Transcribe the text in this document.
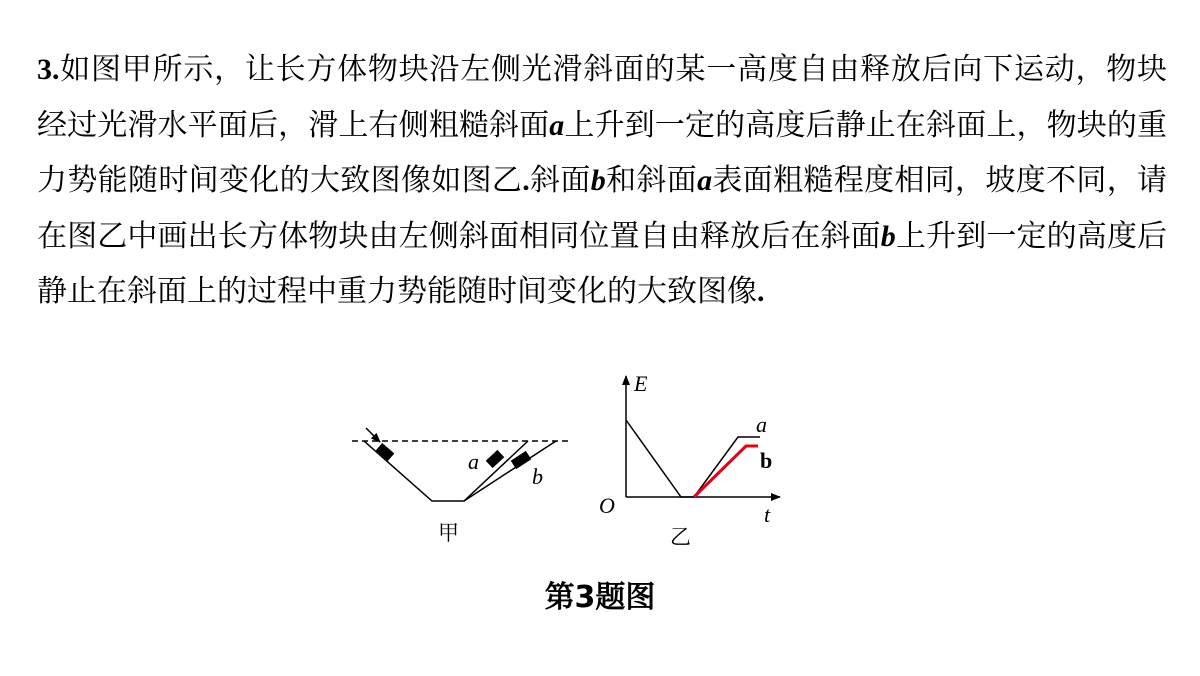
3.如图甲所示，让长方体物块沿左侧光滑斜面的某一高度自由释放后向下运动，物块经过光滑水平面后，滑上右侧粗糙斜面a上升到一定的高度后静止在斜面上，物块的重力势能随时间变化的大致图像如图乙.斜面b和斜面a表面粗糙程度相同，坡度不同，请在图乙中画出长方体物块由左侧斜面相同位置自由释放后在斜面b上升到一定的高度后静止在斜面上的过程中重力势能随时间变化的大致图像.

a
b
甲
E
t
O
a
b
乙
第3题图
